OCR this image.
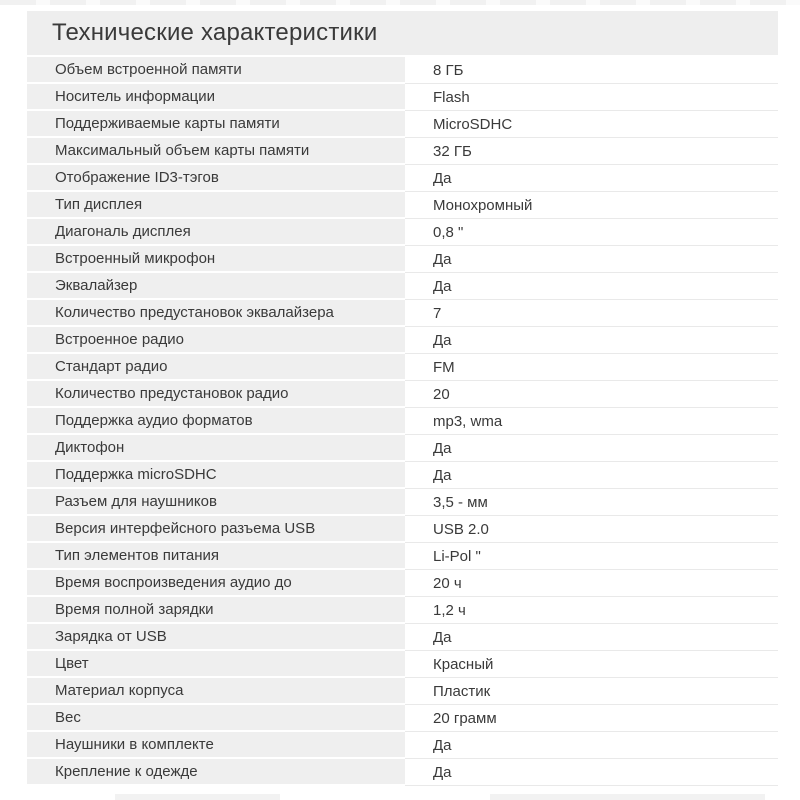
Технические характеристики
Объем встроенной памяти	8 ГБ
Носитель информации	Flash
Поддерживаемые карты памяти	MicroSDHC
Максимальный объем карты памяти	32 ГБ
Отображение ID3-тэгов	Да
Тип дисплея	Монохромный
Диагональ дисплея	0,8 "
Встроенный микрофон	Да
Эквалайзер	Да
Количество предустановок эквалайзера	7
Встроенное радио	Да
Стандарт радио	FM
Количество предустановок радио	20
Поддержка аудио форматов	mp3, wma
Диктофон	Да
Поддержка microSDHC	Да
Разъем для наушников	3,5 - мм
Версия интерфейсного разъема USB	USB 2.0
Тип элементов питания	Li-Pol "
Время воспроизведения аудио до	20 ч
Время полной зарядки	1,2 ч
Зарядка от USB	Да
Цвет	Красный
Материал корпуса	Пластик
Вес	20 грамм
Наушники в комплекте	Да
Крепление к одежде	Да
